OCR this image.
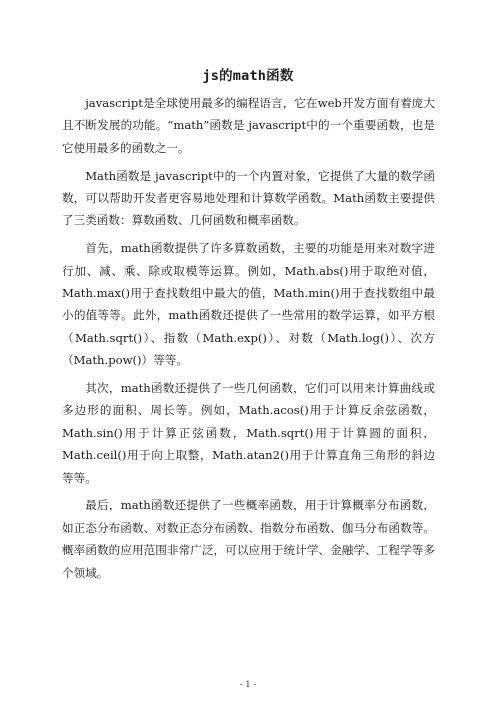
js的math函数

javascript是全球使用最多的编程语言，它在web开发方面有着庞大且不断发展的功能。“math”函数是 javascript中的一个重要函数，也是它使用最多的函数之一。

Math函数是 javascript中的一个内置对象，它提供了大量的数学函数，可以帮助开发者更容易地处理和计算数学函数。Math函数主要提供了三类函数：算数函数、几何函数和概率函数。

首先，math函数提供了许多算数函数，主要的功能是用来对数字进行加、减、乘、除或取模等运算。例如，Math.abs()用于取绝对值，Math.max()用于查找数组中最大的值，Math.min()用于查找数组中最小的值等等。此外，math函数还提供了一些常用的数学运算，如平方根（Math.sqrt()）、指数（Math.exp()）、对数（Math.log()）、次方（Math.pow()）等等。

其次，math函数还提供了一些几何函数，它们可以用来计算曲线或多边形的面积、周长等。例如，Math.acos()用于计算反余弦函数，Math.sin()用于计算正弦函数，Math.sqrt()用于计算圆的面积，Math.ceil()用于向上取整，Math.atan2()用于计算直角三角形的斜边等等。

最后，math函数还提供了一些概率函数，用于计算概率分布函数，如正态分布函数、对数正态分布函数、指数分布函数、伽马分布函数等。概率函数的应用范围非常广泛，可以应用于统计学、金融学、工程学等多个领域。

- 1 -
